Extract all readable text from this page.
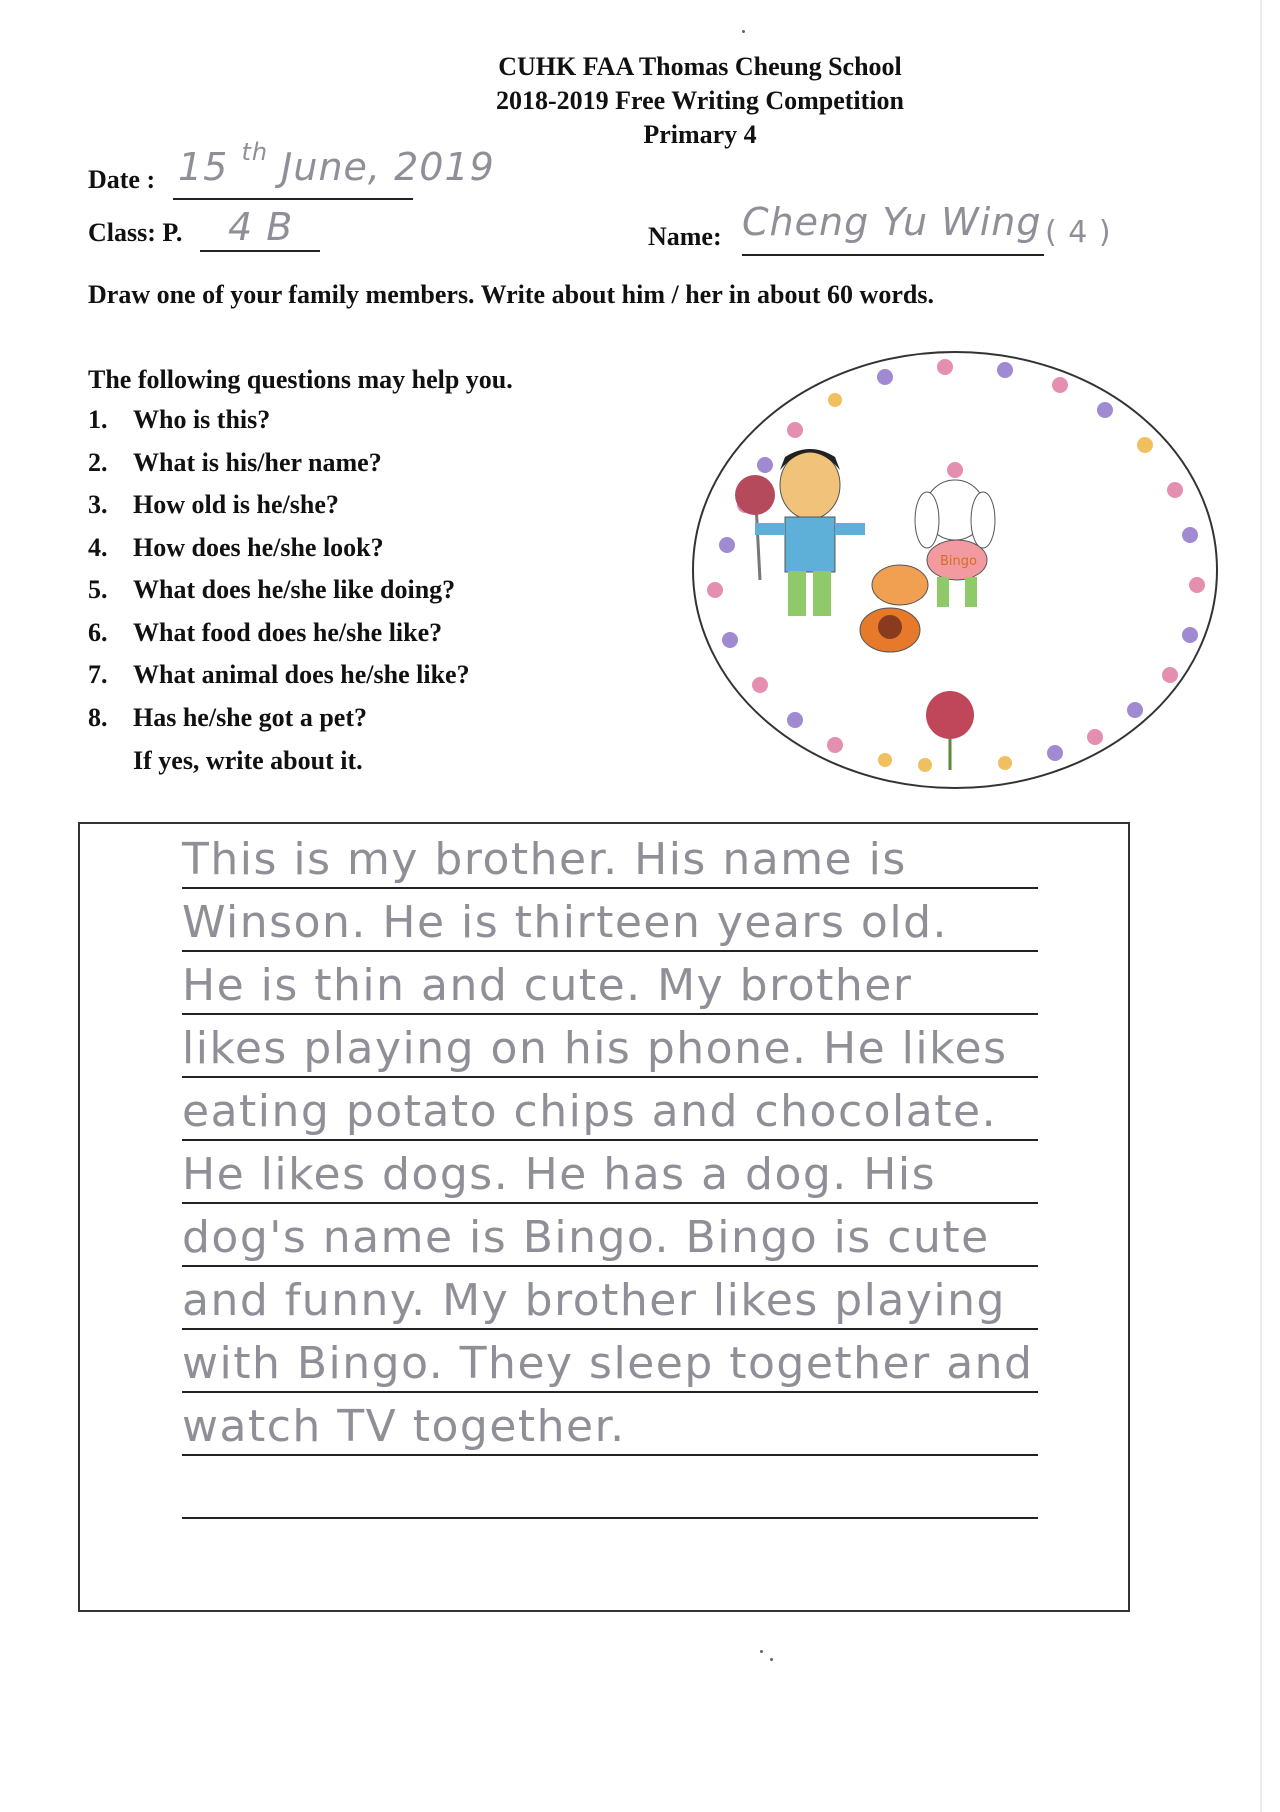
CUHK FAA Thomas Cheung School
2018-2019 Free Writing Competition
Primary 4
Date : 15 $^{th}$ June, 2019
Class: P. 4 B	Name: Cheng Yu Wing ( 4 )
Draw one of your family members. Write about him / her in about 60 words.
The following questions may help you.
1. Who is this?
2. What is his/her name?
3. How old is he/she?
4. How does he/she look?
5. What does he/she like doing?
6. What food does he/she like?
7. What animal does he/she like?
8. Has he/she got a pet?
If yes, write about it.
Bingo
This is my brother. His name is
Winson. He is thirteen years old.
He is thin and cute. My brother
likes playing on his phone. He likes
eating potato chips and chocolate.
He likes dogs. He has a dog. His
dog's name is Bingo. Bingo is cute
and funny. My brother likes playing
with Bingo. They sleep together and
watch TV together.
